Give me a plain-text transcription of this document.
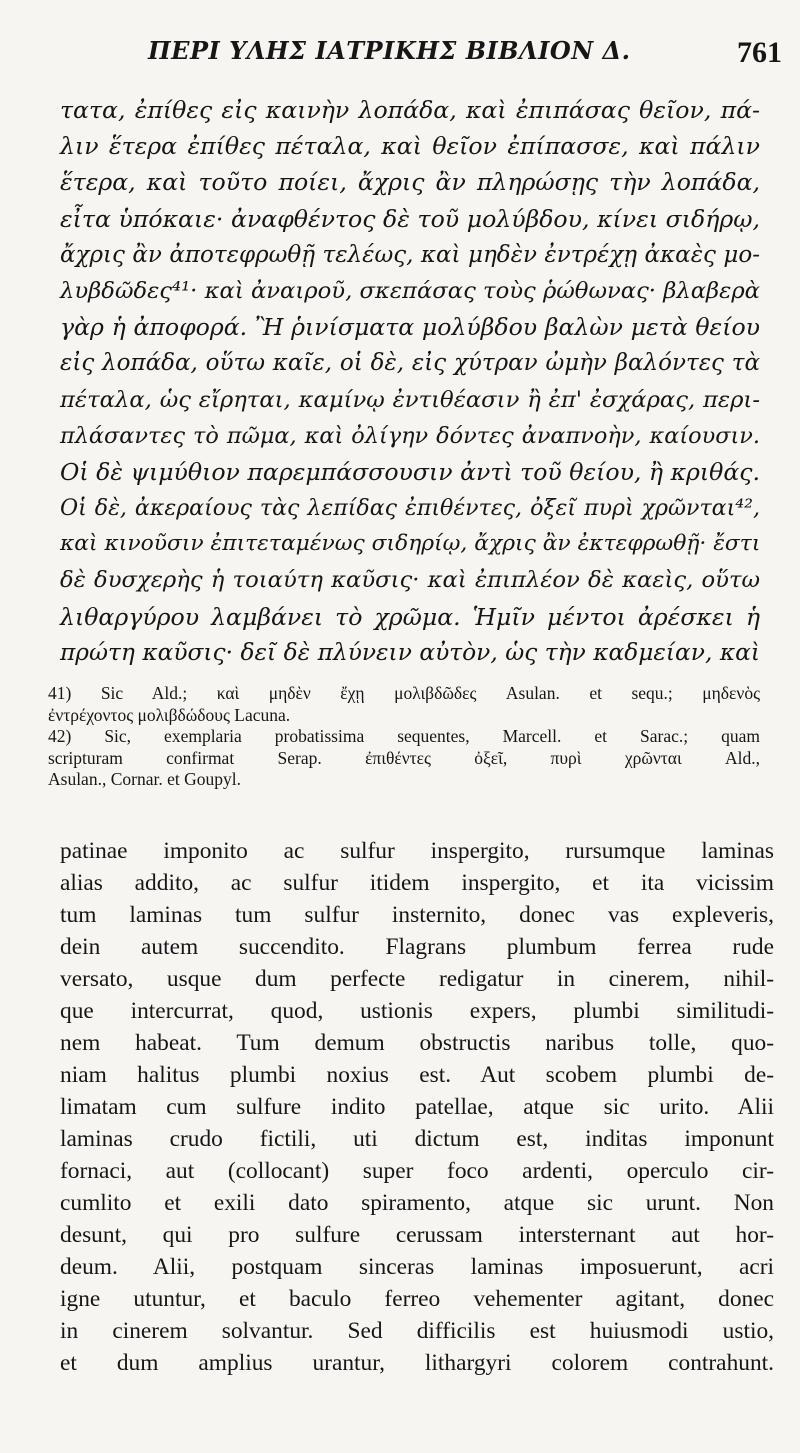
ΠΕΡΙ ΥΛΗΣ ΙΑΤΡΙΚΗΣ ΒΙΒΛΙΟΝ Δ.	761
τατα, ἐπίθες εἰς καινὴν λοπάδα, καὶ ἐπιπάσας θεῖον, πά-
λιν ἕτερα ἐπίθες πέταλα, καὶ θεῖον ἐπίπασσε, καὶ πάλιν
ἕτερα, καὶ τοῦτο ποίει, ἄχρις ἂν πληρώσῃς τὴν λοπάδα,
εἶτα ὑπόκαιε· ἀναφθέντος δὲ τοῦ μολύβδου, κίνει σιδήρῳ,
ἄχρις ἂν ἀποτεφρωθῇ τελέως, καὶ μηδὲν ἐντρέχῃ ἀκαὲς μο-
λυβδῶδες⁴¹· καὶ ἀναιροῦ, σκεπάσας τοὺς ῥώθωνας· βλαβερὰ
γὰρ ἡ ἀποφορά. Ἢ ῥινίσματα μολύβδου βαλὼν μετὰ θείου
εἰς λοπάδα, οὕτω καῖε, οἱ δὲ, εἰς χύτραν ὠμὴν βαλόντες τὰ
πέταλα, ὡς εἴρηται, καμίνῳ ἐντιθέασιν ἢ ἐπ' ἐσχάρας, περι-
πλάσαντες τὸ πῶμα, καὶ ὀλίγην δόντες ἀναπνοὴν, καίουσιν.
Οἱ δὲ ψιμύθιον παρεμπάσσουσιν ἀντὶ τοῦ θείου, ἢ κριθάς.
Οἱ δὲ, ἀκεραίους τὰς λεπίδας ἐπιθέντες, ὀξεῖ πυρὶ χρῶνται⁴²,
καὶ κινοῦσιν ἐπιτεταμένως σιδηρίῳ, ἄχρις ἂν ἐκτεφρωθῇ· ἔστι
δὲ δυσχερὴς ἡ τοιαύτη καῦσις· καὶ ἐπιπλέον δὲ καεὶς, οὕτω
λιθαργύρου λαμβάνει τὸ χρῶμα. Ἡμῖν μέντοι ἀρέσκει ἡ
πρώτη καῦσις· δεῖ δὲ πλύνειν αὐτὸν, ὡς τὴν καδμείαν, καὶ
41) Sic Ald.; καὶ μηδὲν ἔχῃ μολιβδῶδες Asulan. et sequ.; μηδενὸς
ἐντρέχοντος μολιβδώδους Lacuna.
42) Sic, exemplaria probatissima sequentes, Marcell. et Sarac.; quam
scripturam confirmat Serap. ἐπιθέντες ὀξεῖ, πυρὶ χρῶνται Ald.,
Asulan., Cornar. et Goupyl.
patinae imponito ac sulfur inspergito, rursumque laminas
alias addito, ac sulfur itidem inspergito, et ita vicissim
tum laminas tum sulfur insternito, donec vas expleveris,
dein autem succendito. Flagrans plumbum ferrea rude
versato, usque dum perfecte redigatur in cinerem, nihil-
que intercurrat, quod, ustionis expers, plumbi similitudi-
nem habeat. Tum demum obstructis naribus tolle, quo-
niam halitus plumbi noxius est. Aut scobem plumbi de-
limatam cum sulfure indito patellae, atque sic urito. Alii
laminas crudo fictili, uti dictum est, inditas imponunt
fornaci, aut (collocant) super foco ardenti, operculo cir-
cumlito et exili dato spiramento, atque sic urunt. Non
desunt, qui pro sulfure cerussam intersternant aut hor-
deum. Alii, postquam sinceras laminas imposuerunt, acri
igne utuntur, et baculo ferreo vehementer agitant, donec
in cinerem solvantur. Sed difficilis est huiusmodi ustio,
et dum amplius urantur, lithargyri colorem contrahunt.
